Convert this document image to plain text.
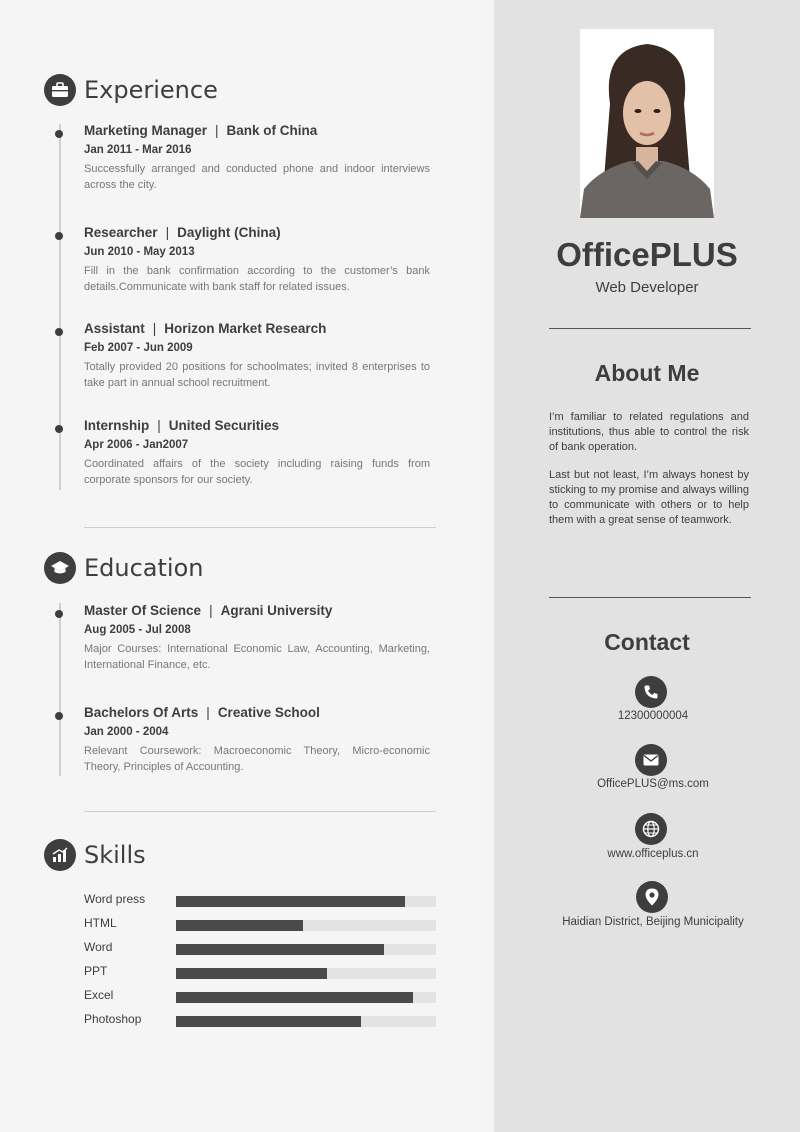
Experience
Marketing Manager | Bank of China
Jan 2011 - Mar 2016
Successfully arranged and conducted phone and indoor interviews across the city.
Researcher | Daylight (China)
Jun 2010 - May 2013
Fill in the bank confirmation according to the customer’s bank details.Communicate with bank staff for related issues.
Assistant | Horizon Market Research
Feb 2007 - Jun 2009
Totally provided 20 positions for schoolmates; invited 8 enterprises to take part in annual school recruitment.
Internship | United Securities
Apr 2006 - Jan2007
Coordinated affairs of the society including raising funds from corporate sponsors for our society.
Education
Master Of Science | Agrani University
Aug 2005 - Jul 2008
Major Courses: International Economic Law, Accounting, Marketing, International Finance, etc.
Bachelors Of Arts | Creative School
Jan 2000 - 2004
Relevant Coursework: Macroeconomic Theory, Micro-economic Theory, Principles of Accounting.
Skills
Word press
HTML
Word
PPT
Excel
Photoshop
OfficePLUS
Web Developer
About Me
I’m familiar to related regulations and institutions, thus able to control the risk of bank operation.
Last but not least, I’m always honest by sticking to my promise and always willing to communicate with others or to help them with a great sense of teamwork.
Contact
12300000004
OfficePLUS@ms.com
www.officeplus.cn
Haidian District, Beijing Municipality
